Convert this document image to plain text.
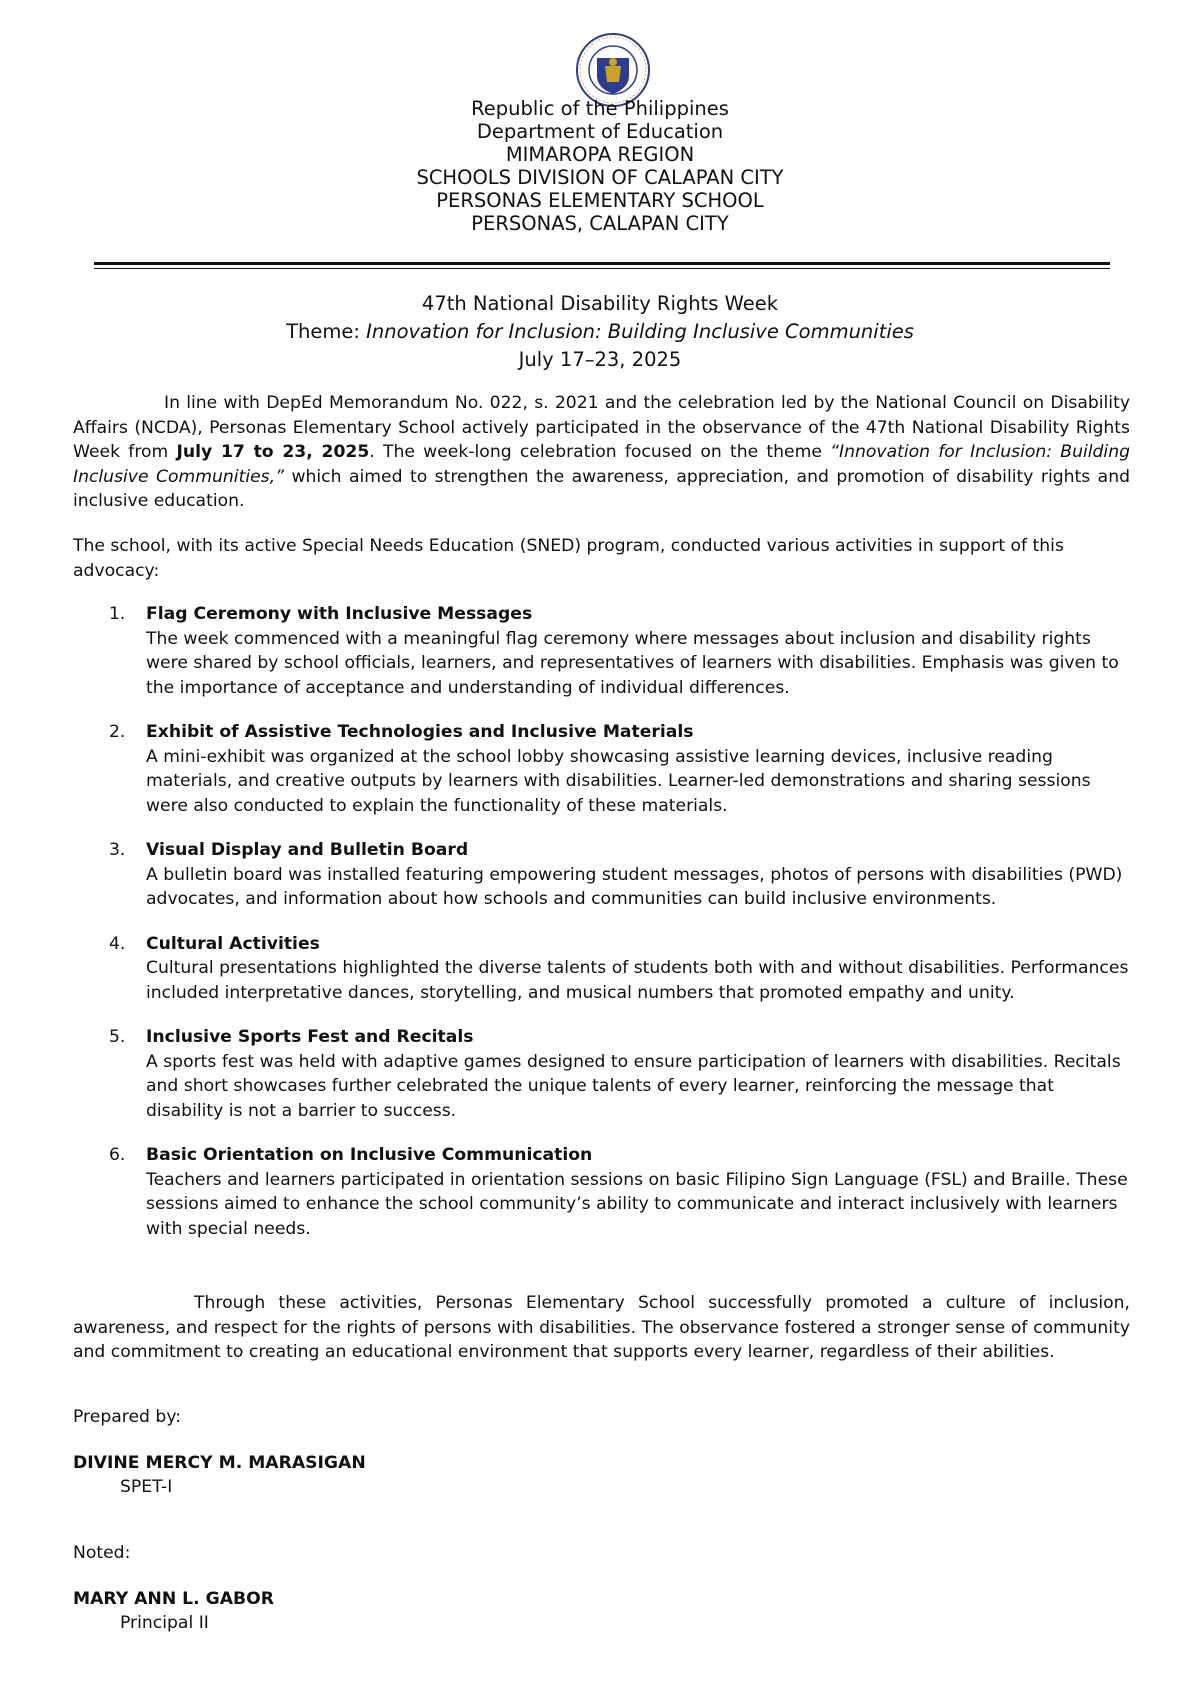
Republic of the Philippines
Department of Education
MIMAROPA REGION
SCHOOLS DIVISION OF CALAPAN CITY
PERSONAS ELEMENTARY SCHOOL
PERSONAS, CALAPAN CITY
47th National Disability Rights Week
Theme: Innovation for Inclusion: Building Inclusive Communities
July 17–23, 2025
In line with DepEd Memorandum No. 022, s. 2021 and the celebration led by the National Council on Disability Affairs (NCDA), Personas Elementary School actively participated in the observance of the 47th National Disability Rights Week from July 17 to 23, 2025. The week-long celebration focused on the theme “Innovation for Inclusion: Building Inclusive Communities,” which aimed to strengthen the awareness, appreciation, and promotion of disability rights and inclusive education.
The school, with its active Special Needs Education (SNED) program, conducted various activities in support of this advocacy:
1. Flag Ceremony with Inclusive Messages
The week commenced with a meaningful flag ceremony where messages about inclusion and disability rights were shared by school officials, learners, and representatives of learners with disabilities. Emphasis was given to the importance of acceptance and understanding of individual differences.
2. Exhibit of Assistive Technologies and Inclusive Materials
A mini-exhibit was organized at the school lobby showcasing assistive learning devices, inclusive reading materials, and creative outputs by learners with disabilities. Learner-led demonstrations and sharing sessions were also conducted to explain the functionality of these materials.
3. Visual Display and Bulletin Board
A bulletin board was installed featuring empowering student messages, photos of persons with disabilities (PWD) advocates, and information about how schools and communities can build inclusive environments.
4. Cultural Activities
Cultural presentations highlighted the diverse talents of students both with and without disabilities. Performances included interpretative dances, storytelling, and musical numbers that promoted empathy and unity.
5. Inclusive Sports Fest and Recitals
A sports fest was held with adaptive games designed to ensure participation of learners with disabilities. Recitals and short showcases further celebrated the unique talents of every learner, reinforcing the message that disability is not a barrier to success.
6. Basic Orientation on Inclusive Communication
Teachers and learners participated in orientation sessions on basic Filipino Sign Language (FSL) and Braille. These sessions aimed to enhance the school community’s ability to communicate and interact inclusively with learners with special needs.
Through these activities, Personas Elementary School successfully promoted a culture of inclusion, awareness, and respect for the rights of persons with disabilities. The observance fostered a stronger sense of community and commitment to creating an educational environment that supports every learner, regardless of their abilities.
Prepared by:
DIVINE MERCY M. MARASIGAN
SPET-I
Noted:
MARY ANN L. GABOR
Principal II
